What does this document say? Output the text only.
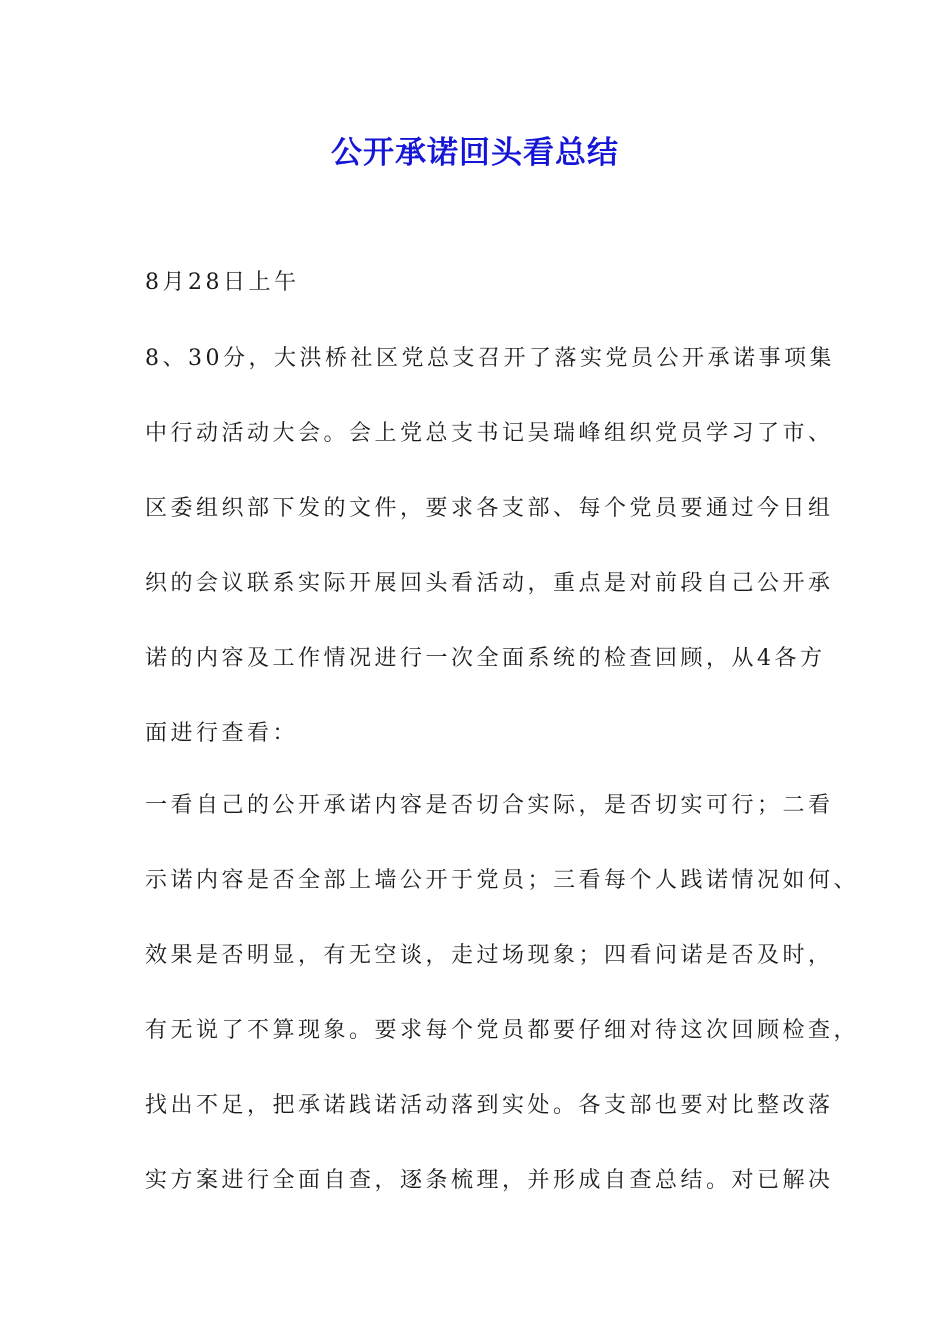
公开承诺回头看总结
8月28日上午
8、30分，大洪桥社区党总支召开了落实党员公开承诺事项集
中行动活动大会。会上党总支书记吴瑞峰组织党员学习了市、
区委组织部下发的文件，要求各支部、每个党员要通过今日组
织的会议联系实际开展回头看活动，重点是对前段自己公开承
诺的内容及工作情况进行一次全面系统的检查回顾，从4各方
面进行查看：
一看自己的公开承诺内容是否切合实际，是否切实可行；二看
示诺内容是否全部上墙公开于党员；三看每个人践诺情况如何、
效果是否明显，有无空谈，走过场现象；四看问诺是否及时，
有无说了不算现象。要求每个党员都要仔细对待这次回顾检查，
找出不足，把承诺践诺活动落到实处。各支部也要对比整改落
实方案进行全面自查，逐条梳理，并形成自查总结。对已解决
